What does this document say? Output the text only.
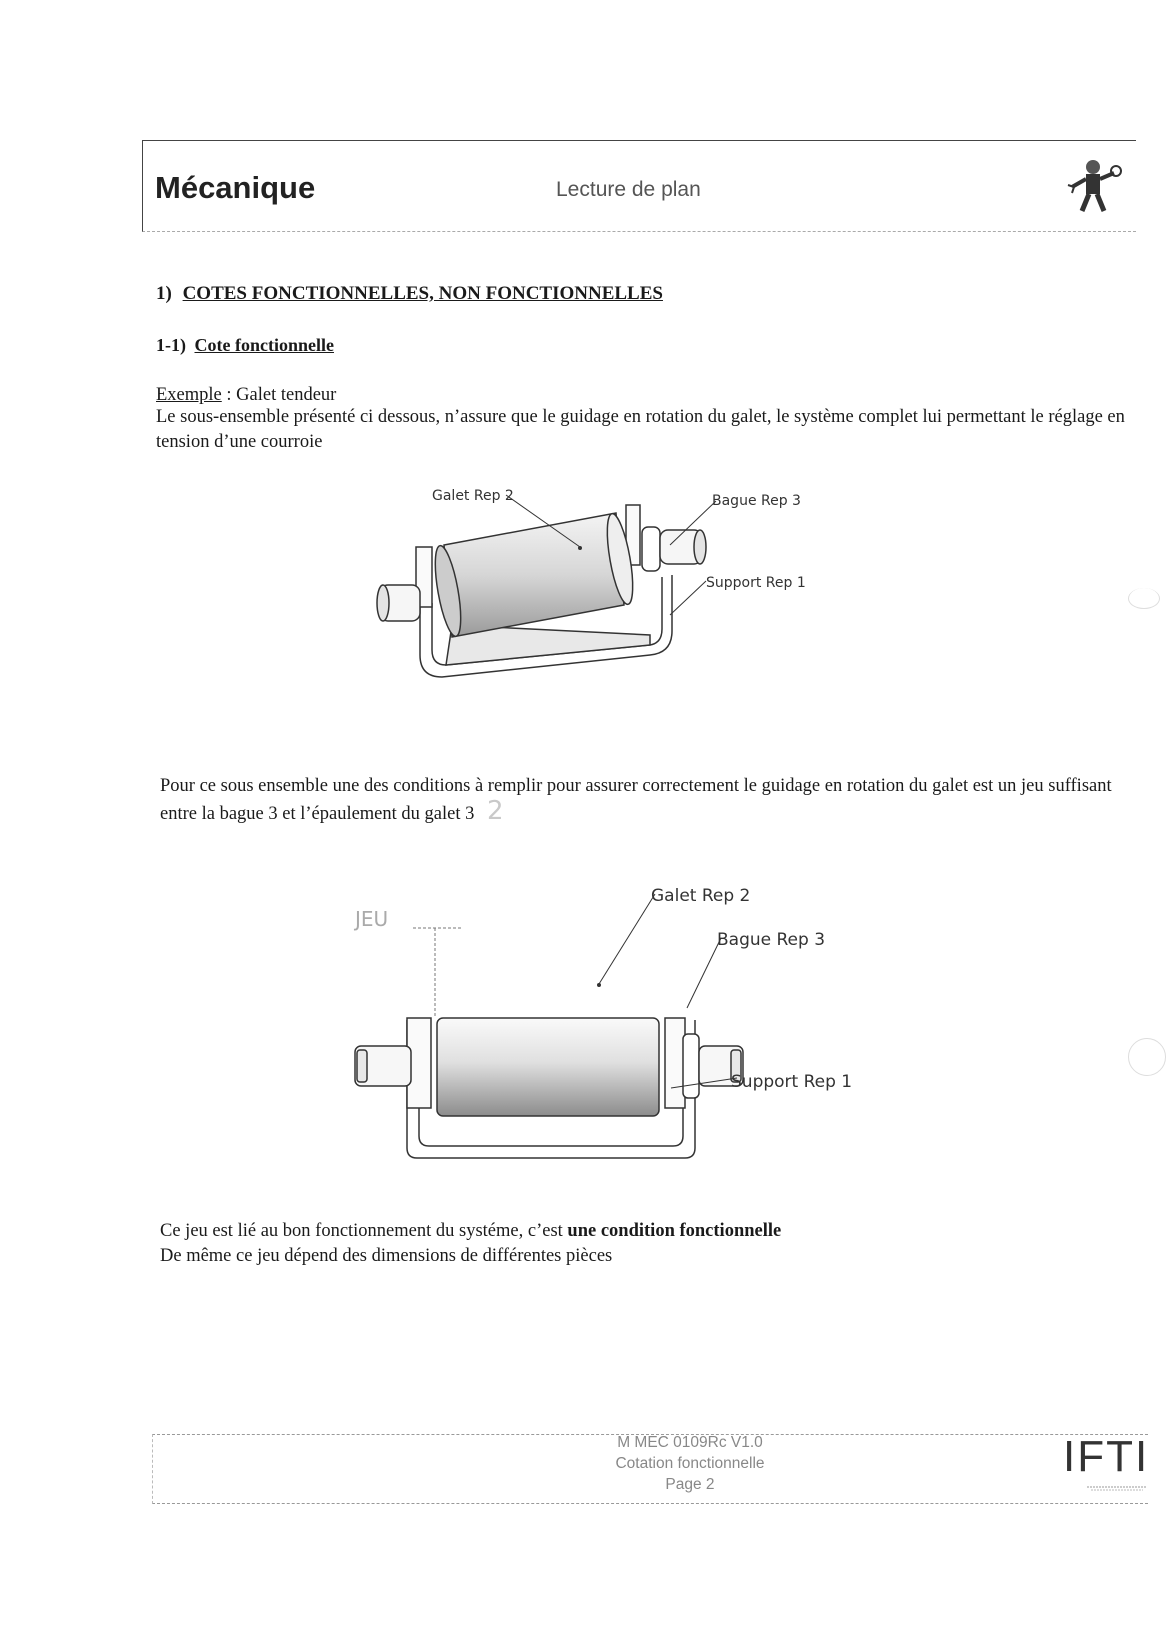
Mécanique	Lecture de plan
1) COTES FONCTIONNELLES, NON FONCTIONNELLES
1-1) Cote fonctionnelle
Exemple : Galet tendeur
Le sous-ensemble présenté ci dessous, n’assure que le guidage en rotation du galet, le système complet lui permettant le réglage en tension d’une courroie
Galet Rep 2	Bague Rep 3
Support Rep 1
Pour ce sous ensemble une des conditions à remplir pour assurer correctement le guidage en rotation du galet est un jeu suffisant entre la bague 3 et l’épaulement du galet 3 2
JEU
Galet Rep 2
Bague Rep 3
Support Rep 1
Ce jeu est lié au bon fonctionnement du systéme, c’est une condition fonctionnelle
De même ce jeu dépend des dimensions de différentes pièces
M MEC 0109Rc V1.0
Cotation fonctionnelle
Page 2
IFTI
